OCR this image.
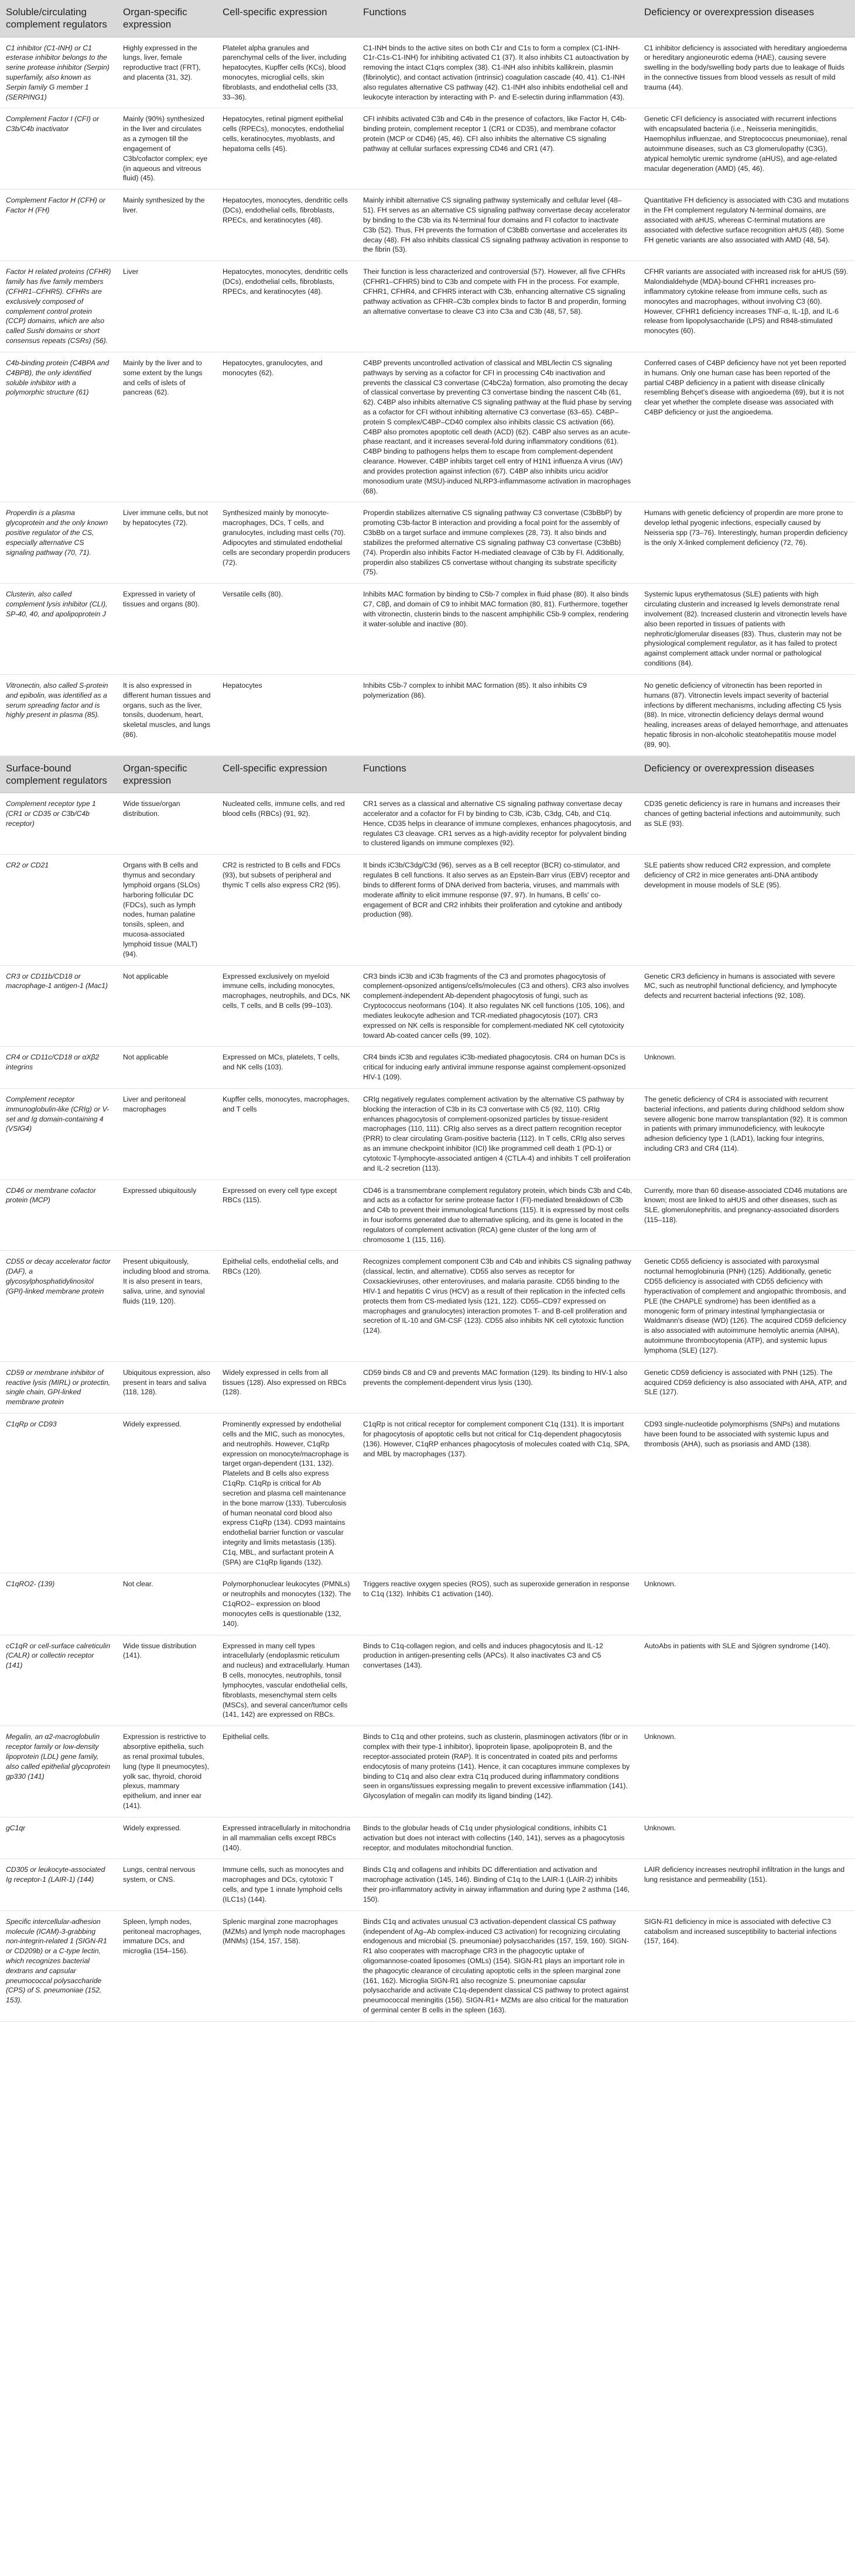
Soluble/circulating complement regulators
Organ-specific expression
Cell-specific expression	Functions	Deficiency or overexpression diseases
C1 inhibitor (C1-INH) or C1 esterase inhibitor belongs to the serine protease inhibitor (Serpin) superfamily, also known as Serpin family G member 1 (SERPING1)
Highly expressed in the lungs, liver, female reproductive tract (FRT), and placenta (31, 32).
Platelet alpha granules and parenchymal cells of the liver, including hepatocytes, Kupffer cells (KCs), blood monocytes, microglial cells, skin fibroblasts, and endothelial cells (33, 33–36).
C1-INH binds to the active sites on both C1r and C1s to form a complex (C1-INH-C1r-C1s-C1-INH) for inhibiting activated C1 (37). It also inhibits C1 autoactivation by removing the intact C1qrs complex (38). C1-INH also inhibits kallikrein, plasmin (fibrinolytic), and contact activation (intrinsic) coagulation cascade (40, 41). C1-INH also regulates alternative CS pathway (42). C1-INH also inhibits endothelial cell and leukocyte interaction by interacting with P- and E-selectin during inflammation (43).
C1 inhibitor deficiency is associated with hereditary angioedema or hereditary angioneurotic edema (HAE), causing severe swelling in the body/swelling body parts due to leakage of fluids in the connective tissues from blood vessels as result of mild trauma (44).
Complement Factor I (CFI) or C3b/C4b inactivator
Mainly (90%) synthesized in the liver and circulates as a zymogen till the engagement of C3b/cofactor complex; eye (in aqueous and vitreous fluid) (45).
Hepatocytes, retinal pigment epithelial cells (RPECs), monocytes, endothelial cells, keratinocytes, myoblasts, and hepatoma cells (45).
CFI inhibits activated C3b and C4b in the presence of cofactors, like Factor H, C4b-binding protein, complement receptor 1 (CR1 or CD35), and membrane cofactor protein (MCP or CD46) (45, 46). CFI also inhibits the alternative CS signaling pathway at cellular surfaces expressing CD46 and CR1 (47).
Genetic CFI deficiency is associated with recurrent infections with encapsulated bacteria (i.e., Neisseria meningitidis, Haemophilus influenzae, and Streptococcus pneumoniae), renal autoimmune diseases, such as C3 glomerulopathy (C3G), atypical hemolytic uremic syndrome (aHUS), and age-related macular degeneration (AMD) (45, 46).
Complement Factor H (CFH) or Factor H (FH)
Mainly synthesized by the liver.
Hepatocytes, monocytes, dendritic cells (DCs), endothelial cells, fibroblasts, RPECs, and keratinocytes (48).
Mainly inhibit alternative CS signaling pathway systemically and cellular level (48–51). FH serves as an alternative CS signaling pathway convertase decay accelerator by binding to the C3b via its N-terminal four domains and FI cofactor to inactivate C3b (52). Thus, FH prevents the formation of C3bBb convertase and accelerates its decay (48). FH also inhibits classical CS signaling pathway activation in response to the fibrin (53).
Quantitative FH deficiency is associated with C3G and mutations in the FH complement regulatory N-terminal domains, are associated with aHUS, whereas C-terminal mutations are associated with defective surface recognition aHUS (48). Some FH genetic variants are also associated with AMD (48, 54).
Factor H related proteins (CFHR) family has five family members (CFHR1–CFHR5). CFHRs are exclusively composed of complement control protein (CCP) domains, which are also called Sushi domains or short consensus repeats (CSRs) (56).
Liver	Hepatocytes, monocytes, dendritic cells (DCs), endothelial cells, fibroblasts, RPECs, and keratinocytes (48).
Their function is less characterized and controversial (57). However, all five CFHRs (CFHR1–CFHR5) bind to C3b and compete with FH in the process. For example, CFHR1, CFHR4, and CFHR5 interact with C3b, enhancing alternative CS signaling pathway activation as CFHR–C3b complex binds to factor B and properdin, forming an alternative convertase to cleave C3 into C3a and C3b (48, 57, 58).
CFHR variants are associated with increased risk for aHUS (59). Malondialdehyde (MDA)-bound CFHR1 increases pro-inflammatory cytokine release from immune cells, such as monocytes and macrophages, without involving C3 (60). However, CFHR1 deficiency increases TNF-α, IL-1β, and IL-6 release from lipopolysaccharide (LPS) and R848-stimulated monocytes (60).
C4b-binding protein (C4BPA and C4BPB), the only identified soluble inhibitor with a polymorphic structure (61)
Mainly by the liver and to some extent by the lungs and cells of islets of pancreas (62).
Hepatocytes, granulocytes, and monocytes (62).
C4BP prevents uncontrolled activation of classical and MBL/lectin CS signaling pathways by serving as a cofactor for CFI in processing C4b inactivation and prevents the classical C3 convertase (C4bC2a) formation, also promoting the decay of classical convertase by preventing C3 convertase binding the nascent C4b (61, 62). C4BP also inhibits alternative CS signaling pathway at the fluid phase by serving as a cofactor for CFI without inhibiting alternative C3 convertase (63–65). C4BP–protein S complex/C4BP–CD40 complex also inhibits classic CS activation (66). C4BP also promotes apoptotic cell death (ACD) (62). C4BP also serves as an acute-phase reactant, and it increases several-fold during inflammatory conditions (61). C4BP binding to pathogens helps them to escape from complement-dependent clearance. However, C4BP inhibits target cell entry of H1N1 influenza A virus (IAV) and provides protection against infection (67). C4BP also inhibits uricu acid/or monosodium urate (MSU)-induced NLRP3-inflammasome activation in macrophages (68).
Conferred cases of C4BP deficiency have not yet been reported in humans. Only one human case has been reported of the partial C4BP deficiency in a patient with disease clinically resembling Behçet's disease with angioedema (69), but it is not clear yet whether the complete disease was associated with C4BP deficiency or just the angioedema.
Properdin is a plasma glycoprotein and the only known positive regulator of the CS, especially alternative CS signaling pathway (70, 71).
Liver immune cells, but not by hepatocytes (72).
Synthesized mainly by monocyte-macrophages, DCs, T cells, and granulocytes, including mast cells (70). Adipocytes and stimulated endothelial cells are secondary properdin producers (72).
Properdin stabilizes alternative CS signaling pathway C3 convertase (C3bBbP) by promoting C3b-factor B interaction and providing a focal point for the assembly of C3bBb on a target surface and immune complexes (28, 73). It also binds and stabilizes the preformed alternative CS signaling pathway C3 convertase (C3bBb) (74). Properdin also inhibits Factor H-mediated cleavage of C3b by FI. Additionally, properdin also stabilizes C5 convertase without changing its substrate specificity (75).
Humans with genetic deficiency of properdin are more prone to develop lethal pyogenic infections, especially caused by Neisseria spp (73–76). Interestingly, human properdin deficiency is the only X-linked complement deficiency (72, 76).
Clusterin, also called complement lysis inhibitor (CLI), SP-40, 40, and apolipoprotein J
Expressed in variety of tissues and organs (80).
Versatile cells (80).	Inhibits MAC formation by binding to C5b-7 complex in fluid phase (80). It also binds C7, C8β, and domain of C9 to inhibit MAC formation (80, 81). Furthermore, together with vitronectin, clusterin binds to the nascent amphiphilic C5b-9 complex, rendering it water-soluble and inactive (80).
Systemic lupus erythematosus (SLE) patients with high circulating clusterin and increased Ig levels demonstrate renal involvement (82). Increased clusterin and vitronectin levels have also been reported in tissues of patients with nephrotic/glomerular diseases (83). Thus, clusterin may not be physiological complement regulator, as it has failed to protect against complement attack under normal or pathological conditions (84).
Vitronectin, also called S-protein and epibolin, was identified as a serum spreading factor and is highly present in plasma (85).
It is also expressed in different human tissues and organs, such as the liver, tonsils, duodenum, heart, skeletal muscles, and lungs (86).
Hepatocytes	Inhibits C5b-7 complex to inhibit MAC formation (85). It also inhibits C9 polymerization (86).
No genetic deficiency of vitronectin has been reported in humans (87). Vitronectin levels impact severity of bacterial infections by different mechanisms, including affecting C5 lysis (88). In mice, vitronectin deficiency delays dermal wound healing, increases areas of delayed hemorrhage, and attenuates hepatic fibrosis in non-alcoholic steatohepatitis mouse model (89, 90).
Surface-bound complement regulators
Organ-specific expression
Cell-specific expression	Functions	Deficiency or overexpression diseases
Complement receptor type 1 (CR1 or CD35 or C3b/C4b receptor)
Wide tissue/organ distribution.
Nucleated cells, immune cells, and red blood cells (RBCs) (91, 92).
CR1 serves as a classical and alternative CS signaling pathway convertase decay accelerator and a cofactor for FI by binding to C3b, iC3b, C3dg, C4b, and C1q. Hence, CD35 helps in clearance of immune complexes, enhances phagocytosis, and regulates C3 cleavage. CR1 serves as a high-avidity receptor for polyvalent binding to clustered ligands on immune complexes (92).
CD35 genetic deficiency is rare in humans and increases their chances of getting bacterial infections and autoimmunity, such as SLE (93).
CR2 or CD21	Organs with B cells and thymus and secondary lymphoid organs (SLOs) harboring follicular DC (FDCs), such as lymph nodes, human palatine tonsils, spleen, and mucosa-associated lymphoid tissue (MALT) (94).
CR2 is restricted to B cells and FDCs (93), but subsets of peripheral and thymic T cells also express CR2 (95).
It binds iC3b/C3dg/C3d (96), serves as a B cell receptor (BCR) co-stimulator, and regulates B cell functions. It also serves as an Epstein-Barr virus (EBV) receptor and binds to different forms of DNA derived from bacteria, viruses, and mammals with moderate affinity to elicit immune response (97, 97). In humans, B cells' co-engagement of BCR and CR2 inhibits their proliferation and cytokine and antibody production (98).
SLE patients show reduced CR2 expression, and complete deficiency of CR2 in mice generates anti-DNA antibody development in mouse models of SLE (95).
CR3 or CD11b/CD18 or macrophage-1 antigen-1 (Mac1)
Not applicable	Expressed exclusively on myeloid immune cells, including monocytes, macrophages, neutrophils, and DCs, NK cells, T cells, and B cells (99–103).
CR3 binds iC3b and iC3b fragments of the C3 and promotes phagocytosis of complement-opsonized antigens/cells/molecules (C3 and others). CR3 also involves complement-independent Ab-dependent phagocytosis of fungi, such as Cryptococcus neoformans (104). It also regulates NK cell functions (105, 106), and mediates leukocyte adhesion and TCR-mediated phagocytosis (107). CR3 expressed on NK cells is responsible for complement-mediated NK cell cytotoxicity toward Ab-coated cancer cells (99, 102).
Genetic CR3 deficiency in humans is associated with severe MC, such as neutrophil functional deficiency, and lymphocyte defects and recurrent bacterial infections (92, 108).
CR4 or CD11c/CD18 or αXβ2 integrins
Not applicable	Expressed on MCs, platelets, T cells, and NK cells (103).
CR4 binds iC3b and regulates iC3b-mediated phagocytosis. CR4 on human DCs is critical for inducing early antiviral immune response against complement-opsonized HIV-1 (109).
Unknown.
Complement receptor immunoglobulin-like (CRIg) or V-set and Ig domain-containing 4 (VSIG4)
Liver and peritoneal macrophages
Kupffer cells, monocytes, macrophages, and T cells
CRIg negatively regulates complement activation by the alternative CS pathway by blocking the interaction of C3b in its C3 convertase with C5 (92, 110). CRIg enhances phagocytosis of complement-opsonized particles by tissue-resident macrophages (110, 111). CRIg also serves as a direct pattern recognition receptor (PRR) to clear circulating Gram-positive bacteria (112). In T cells, CRIg also serves as an immune checkpoint inhibitor (ICI) like programmed cell death 1 (PD-1) or cytotoxic T-lymphocyte-associated antigen 4 (CTLA-4) and inhibits T cell proliferation and IL-2 secretion (113).
The genetic deficiency of CR4 is associated with recurrent bacterial infections, and patients during childhood seldom show severe allogenic bone marrow transplantation (92). It is common in patients with primary immunodeficiency, with leukocyte adhesion deficiency type 1 (LAD1), lacking four integrins, including CR3 and CR4 (114).
CD46 or membrane cofactor protein (MCP)
Expressed ubiquitously	Expressed on every cell type except RBCs (115).
CD46 is a transmembrane complement regulatory protein, which binds C3b and C4b, and acts as a cofactor for serine protease factor I (FI)-mediated breakdown of C3b and C4b to prevent their immunological functions (115). It is expressed by most cells in four isoforms generated due to alternative splicing, and its gene is located in the regulators of complement activation (RCA) gene cluster of the long arm of chromosome 1 (115, 116).
Currently, more than 60 disease-associated CD46 mutations are known; most are linked to aHUS and other diseases, such as SLE, glomerulonephritis, and pregnancy-associated disorders (115–118).
CD55 or decay accelerator factor (DAF), a glycosylphosphatidylinositol (GPI)-linked membrane protein
Present ubiquitously, including blood and stroma. It is also present in tears, saliva, urine, and synovial fluids (119, 120).
Epithelial cells, endothelial cells, and RBCs (120).
Recognizes complement component C3b and C4b and inhibits CS signaling pathway (classical, lectin, and alternative). CD55 also serves as receptor for Coxsackieviruses, other enteroviruses, and malaria parasite. CD55 binding to the HIV-1 and hepatitis C virus (HCV) as a result of their replication in the infected cells protects them from CS-mediated lysis (121, 122). CD55–CD97 expressed on macrophages and granulocytes) interaction promotes T- and B-cell proliferation and secretion of IL-10 and GM-CSF (123). CD55 also inhibits NK cell cytotoxic function (124).
Genetic CD55 deficiency is associated with paroxysmal nocturnal hemoglobinuria (PNH) (125). Additionally, genetic CD55 deficiency is associated with CD55 deficiency with hyperactivation of complement and angiopathic thrombosis, and PLE (the CHAPLE syndrome) has been identified as a monogenic form of primary intestinal lymphangiectasia or Waldmann's disease (WD) (126). The acquired CD59 deficiency is also associated with autoimmune hemolytic anemia (AIHA), autoimmune thrombocytopenia (ATP), and systemic lupus lymphoma (SLE) (127).
CD59 or membrane inhibitor of reactive lysis (MIRL) or protectin, single chain, GPI-linked membrane protein
Ubiquitous expression, also present in tears and saliva (118, 128).
Widely expressed in cells from all tissues (128). Also expressed on RBCs (128).
CD59 binds C8 and C9 and prevents MAC formation (129). Its binding to HIV-1 also prevents the complement-dependent virus lysis (130).
Genetic CD59 deficiency is associated with PNH (125). The acquired CD59 deficiency is also associated with AHA, ATP, and SLE (127).
C1qRp or CD93	Widely expressed.	Prominently expressed by endothelial cells and the MIC, such as monocytes, and neutrophils. However, C1qRp expression on monocyte/macrophage is target organ-dependent (131, 132). Platelets and B cells also express C1qRp. C1qRp is critical for Ab secretion and plasma cell maintenance in the bone marrow (133). Tuberculosis of human neonatal cord blood also express C1qRp (134). CD93 maintains endothelial barrier function or vascular integrity and limits metastasis (135). C1q, MBL, and surfactant protein A (SPA) are C1qRp ligands (132).
C1qRp is not critical receptor for complement component C1q (131). It is important for phagocytosis of apoptotic cells but not critical for C1q-dependent phagocytosis (136). However, C1qRP enhances phagocytosis of molecules coated with C1q, SPA, and MBL by macrophages (137).
CD93 single-nucleotide polymorphisms (SNPs) and mutations have been found to be associated with systemic lupus and thrombosis (AHA), such as psoriasis and AMD (138).
C1qRO2- (139)	Not clear.	Polymorphonuclear leukocytes (PMNLs) or neutrophils and monocytes (132). The C1qRO2– expression on blood monocytes cells is questionable (132, 140).
Triggers reactive oxygen species (ROS), such as superoxide generation in response to C1q (132). Inhibits C1 activation (140).
Unknown.
cC1qR or cell-surface calreticulin (CALR) or collectin receptor (141)
Wide tissue distribution (141).
Expressed in many cell types intracellularly (endoplasmic reticulum and nucleus) and extracellularly. Human B cells, monocytes, neutrophils, tonsil lymphocytes, vascular endothelial cells, fibroblasts, mesenchymal stem cells (MSCs), and several cancer/tumor cells (141, 142) are expressed on RBCs.
Binds to C1q-collagen region, and cells and induces phagocytosis and IL-12 production in antigen-presenting cells (APCs). It also inactivates C3 and C5 convertases (143).
AutoAbs in patients with SLE and Sjögren syndrome (140).
Megalin, an α2-macroglobulin receptor family or low-density lipoprotein (LDL) gene family, also called epithelial glycoprotein gp330 (141)
Expression is restrictive to absorptive epithelia, such as renal proximal tubules, lung (type II pneumocytes), yolk sac, thyroid, choroid plexus, mammary epithelium, and inner ear (141).
Epithelial cells.	Binds to C1q and other proteins, such as clusterin, plasminogen activators (fibr or in complex with their type-1 inhibitor), lipoprotein lipase, apolipoprotein B, and the receptor-associated protein (RAP). It is concentrated in coated pits and performs endocytosis of many proteins (141). Hence, it can cocaptures immune complexes by binding to C1q and also clear extra C1q produced during inflammatory conditions seen in organs/tissues expressing megalin to prevent excessive inflammation (141). Glycosylation of megalin can modify its ligand binding (142).
Unknown.
gC1qr	Widely expressed.	Expressed intracellularly in mitochondria in all mammalian cells except RBCs (140).
Binds to the globular heads of C1q under physiological conditions, inhibits C1 activation but does not interact with collectins (140, 141), serves as a phagocytosis receptor, and modulates mitochondrial function.
Unknown.
CD305 or leukocyte-associated Ig receptor-1 (LAIR-1) (144)
Lungs, central nervous system, or CNS.
Immune cells, such as monocytes and macrophages and DCs, cytotoxic T cells, and type 1 innate lymphoid cells (ILC1s) (144).
Binds C1q and collagens and inhibits DC differentiation and activation and macrophage activation (145, 146). Binding of C1q to the LAIR-1 (LAIR-2) inhibits their pro-inflammatory activity in airway inflammation and during type 2 asthma (146, 150).
LAIR deficiency increases neutrophil infiltration in the lungs and lung resistance and permeability (151).
Specific intercellular-adhesion molecule (ICAM)-3-grabbing non-integrin-related 1 (SIGN-R1 or CD209b) or a C-type lectin, which recognizes bacterial dextrans and capsular pneumococcal polysaccharide (CPS) of S. pneumoniae (152, 153).
Spleen, lymph nodes, peritoneal macrophages, immature DCs, and microglia (154–156).
Splenic marginal zone macrophages (MZMs) and lymph node macrophages (MNMs) (154, 157, 158).
Binds C1q and activates unusual C3 activation-dependent classical CS pathway (independent of Ag–Ab complex-induced C3 activation) for recognizing circulating endogenous and microbial (S. pneumoniae) polysaccharides (157, 159, 160). SIGN-R1 also cooperates with macrophage CR3 in the phagocytic uptake of oligomannose-coated liposomes (OMLs) (154). SIGN-R1 plays an important role in the phagocytic clearance of circulating apoptotic cells in the spleen marginal zone (161, 162). Microglia SIGN-R1 also recognize S. pneumoniae capsular polysaccharide and activate C1q-dependent classical CS pathway to protect against pneumococcal meningitis (156). SIGN-R1+ MZMs are also critical for the maturation of germinal center B cells in the spleen (163).
SIGN-R1 deficiency in mice is associated with defective C3 catabolism and increased susceptibility to bacterial infections (157, 164).
